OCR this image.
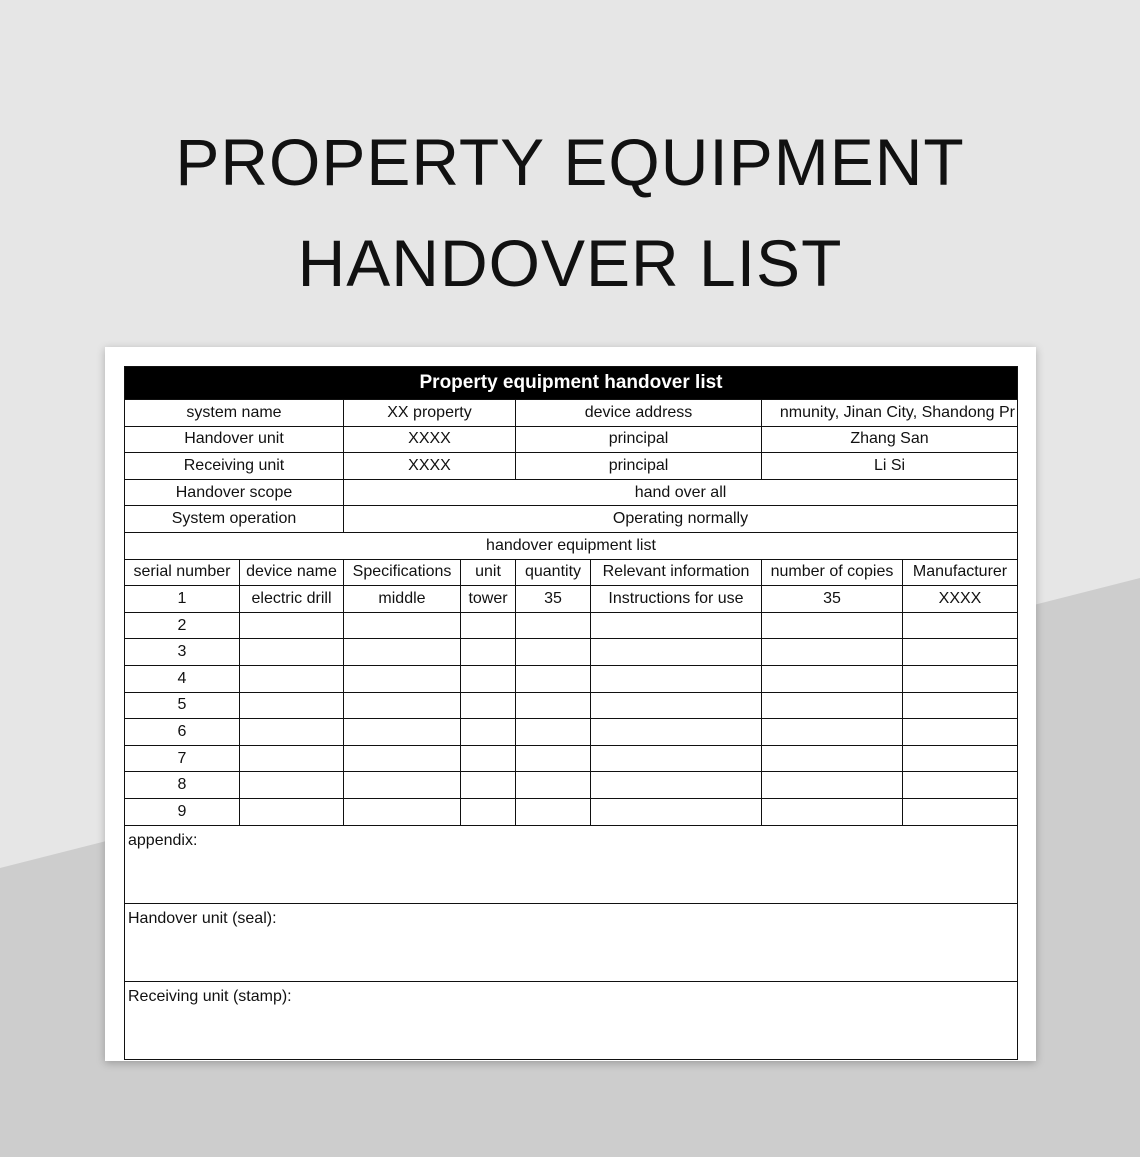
PROPERTY EQUIPMENT
HANDOVER LIST
Property equipment handover list							
system name		XX property		device address		nmunity, Jinan City, Shandong Pr	
Handover unit		XXXX		principal		Zhang San	
Receiving unit		XXXX		principal		Li Si	
Handover scope		hand over all					
System operation		Operating normally					
handover equipment list							
serial number	device name	Specifications	unit	quantity	Relevant information	number of copies	Manufacturer
1	electric drill	middle	tower	35	Instructions for use	35	XXXX
2							
3							
4							
5							
6							
7							
8							
9							
appendix:							
Handover unit (seal):							
Receiving unit (stamp):							
